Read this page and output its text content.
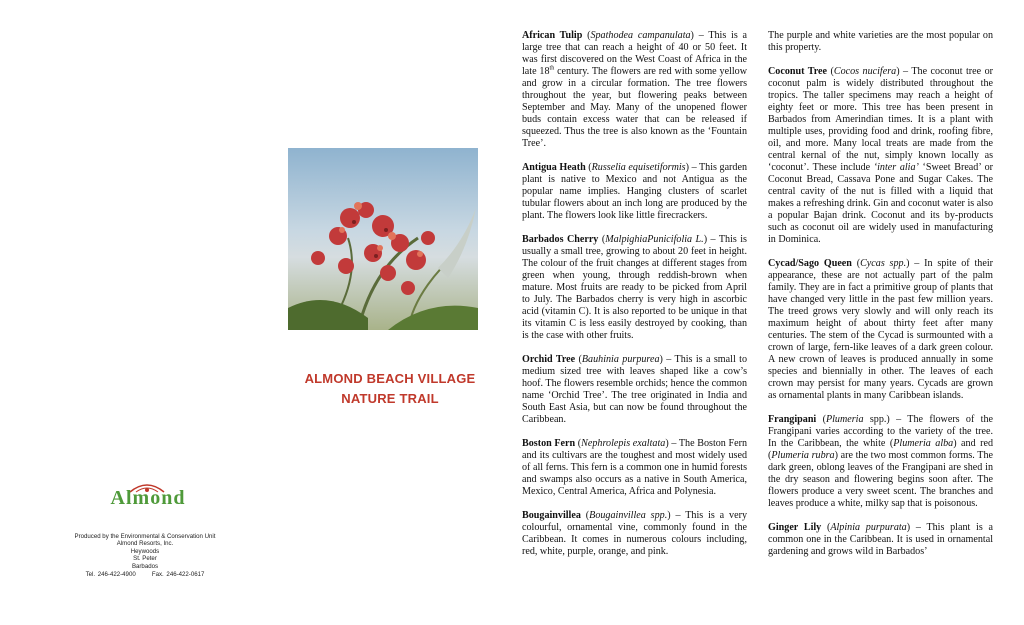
ALMOND BEACH VILLAGE
NATURE TRAIL
Almond
Produced by the Environmental & Conservation Unit
Almond Resorts, Inc.
Heywoods
St. Peter
Barbados
Tel. 246-422-4900	Fax. 246-422-0617

African Tulip (Spathodea campanulata) – This is a large tree that can reach a height of 40 or 50 feet. It was first discovered on the West Coast of Africa in the late 18th century. The flowers are red with some yellow and grow in a circular formation. The tree flowers throughout the year, but flowering peaks between September and May. Many of the unopened flower buds contain excess water that can be released if squeezed. Thus the tree is also known as the ‘Fountain Tree’.

Antigua Heath (Russelia equisetiformis) – This garden plant is native to Mexico and not Antigua as the popular name implies. Hanging clusters of scarlet tubular flowers about an inch long are produced by the plant. The flowers look like little firecrackers.

Barbados Cherry (MalpighiaPunicifolia L.) – This is usually a small tree, growing to about 20 feet in height. The colour of the fruit changes at different stages from green when young, through reddish-brown when mature. Most fruits are ready to be picked from April to July. The Barbados cherry is very high in ascorbic acid (vitamin C). It is also reported to be unique in that its vitamin C is less easily destroyed by cooking, than is the case with other fruits.

Orchid Tree (Bauhinia purpurea) – This is a small to medium sized tree with leaves shaped like a cow’s hoof. The flowers resemble orchids; hence the common name ‘Orchid Tree’. The tree originated in India and South East Asia, but can now be found throughout the Caribbean.

Boston Fern (Nephrolepis exaltata) – The Boston Fern and its cultivars are the toughest and most widely used of all ferns. This fern is a common one in humid forests and swamps also occurs as a native in South America, Mexico, Central America, Africa and Polynesia.

Bougainvillea (Bougainvillea spp.) – This is a very colourful, ornamental vine, commonly found in the Caribbean. It comes in numerous colours including, red, white, purple, orange, and pink.

The purple and white varieties are the most popular on this property.

Coconut Tree (Cocos nucifera) – The coconut tree or coconut palm is widely distributed throughout the tropics. The taller specimens may reach a height of eighty feet or more. This tree has been present in Barbados from Amerindian times. It is a plant with multiple uses, providing food and drink, roofing fibre, oil, and more. Many local treats are made from the central kernal of the nut, simply known locally as ‘coconut’. These include ‘inter alia’ ‘Sweet Bread’ or Coconut Bread, Cassava Pone and Sugar Cakes. The central cavity of the nut is filled with a liquid that makes a refreshing drink. Gin and coconut water is also a popular Bajan drink. Coconut and its by-products such as coconut oil are widely used in manufacturing in Dominica.

Cycad/Sago Queen (Cycas spp.) – In spite of their appearance, these are not actually part of the palm family. They are in fact a primitive group of plants that have changed very little in the past few million years. The treed grows very slowly and will only reach its maximum height of about thirty feet after many centuries. The stem of the Cycad is surmounted with a crown of large, fern-like leaves of a dark green colour. A new crown of leaves is produced annually in some species and biennially in other. The leaves of each crown may persist for many years. Cycads are grown as ornamental plants in many Caribbean islands.

Frangipani (Plumeria spp.) – The flowers of the Frangipani varies according to the variety of the tree. In the Caribbean, the white (Plumeria alba) and red (Plumeria rubra) are the two most common forms. The dark green, oblong leaves of the Frangipani are shed in the dry season and flowering begins soon after. The flowers produce a very sweet scent. The branches and leaves produce a white, milky sap that is poisonous.

Ginger Lily (Alpinia purpurata) – This plant is a common one in the Caribbean. It is used in ornamental gardening and grows wild in Barbados’
